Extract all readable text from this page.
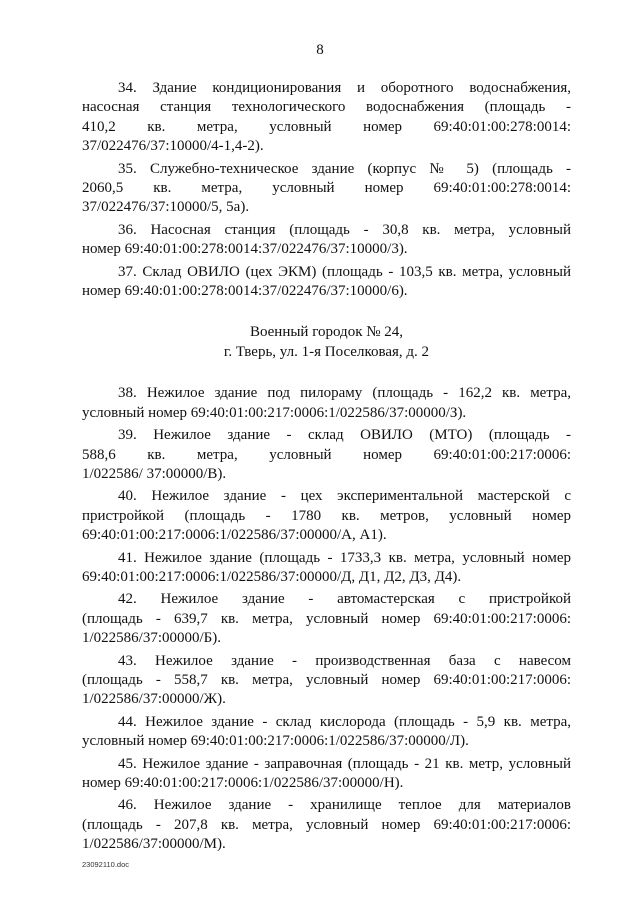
8
34. Здание кондиционирования и оборотного водоснабжения,
насосная станция технологического водоснабжения (площадь -
410,2 кв. метра, условный номер 69:40:01:00:278:0014:
37/022476/37:10000/4-1,4-2).
35. Служебно-техническое здание (корпус № 5) (площадь -
2060,5 кв. метра, условный номер 69:40:01:00:278:0014:
37/022476/37:10000/5, 5а).
36. Насосная станция (площадь - 30,8 кв. метра, условный
номер 69:40:01:00:278:0014:37/022476/37:10000/3).
37. Склад ОВИЛО (цех ЭКМ) (площадь - 103,5 кв. метра, условный
номер 69:40:01:00:278:0014:37/022476/37:10000/6).
Военный городок № 24,
г. Тверь, ул. 1-я Поселковая, д. 2
38. Нежилое здание под пилораму (площадь - 162,2 кв. метра,
условный номер 69:40:01:00:217:0006:1/022586/37:00000/З).
39. Нежилое здание - склад ОВИЛО (МТО) (площадь -
588,6 кв. метра, условный номер 69:40:01:00:217:0006:
1/022586/ 37:00000/В).
40. Нежилое здание - цех экспериментальной мастерской с
пристройкой (площадь - 1780 кв. метров, условный номер
69:40:01:00:217:0006:1/022586/37:00000/А, А1).
41. Нежилое здание (площадь - 1733,3 кв. метра, условный номер
69:40:01:00:217:0006:1/022586/37:00000/Д, Д1, Д2, Д3, Д4).
42. Нежилое здание - автомастерская с пристройкой
(площадь - 639,7 кв. метра, условный номер 69:40:01:00:217:0006:
1/022586/37:00000/Б).
43. Нежилое здание - производственная база с навесом
(площадь - 558,7 кв. метра, условный номер 69:40:01:00:217:0006:
1/022586/37:00000/Ж).
44. Нежилое здание - склад кислорода (площадь - 5,9 кв. метра,
условный номер 69:40:01:00:217:0006:1/022586/37:00000/Л).
45. Нежилое здание - заправочная (площадь - 21 кв. метр, условный
номер 69:40:01:00:217:0006:1/022586/37:00000/Н).
46. Нежилое здание - хранилище теплое для материалов
(площадь - 207,8 кв. метра, условный номер 69:40:01:00:217:0006:
1/022586/37:00000/М).
23092110.doc
